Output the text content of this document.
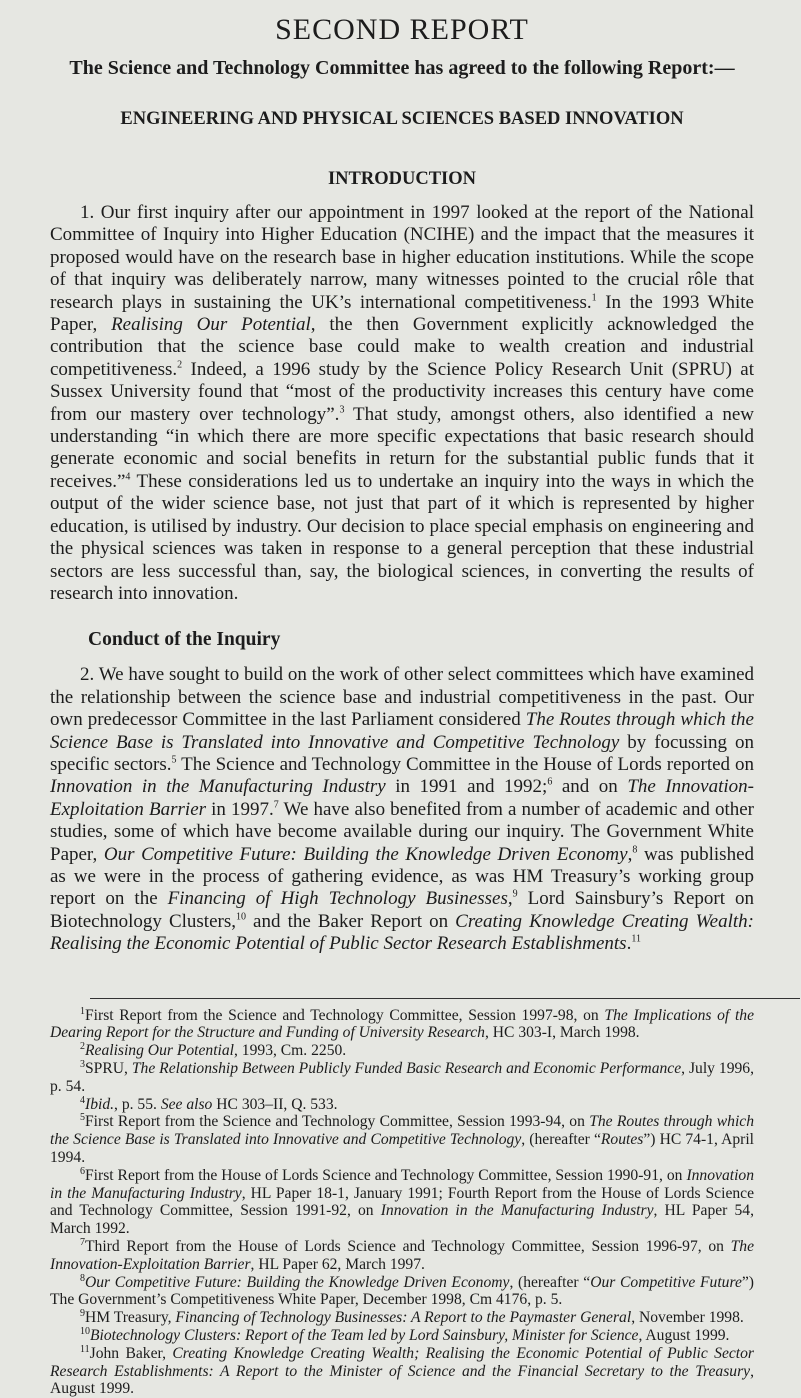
SECOND REPORT
The Science and Technology Committee has agreed to the following Report:—
ENGINEERING AND PHYSICAL SCIENCES BASED INNOVATION
INTRODUCTION

1. Our first inquiry after our appointment in 1997 looked at the report of the National Committee of Inquiry into Higher Education (NCIHE) and the impact that the measures it proposed would have on the research base in higher education institutions. While the scope of that inquiry was deliberately narrow, many witnesses pointed to the crucial rôle that research plays in sustaining the UK’s international competitiveness.$^1$ In the 1993 White Paper, Realising Our Potential, the then Government explicitly acknowledged the contribution that the science base could make to wealth creation and industrial competitiveness.$^2$ Indeed, a 1996 study by the Science Policy Research Unit (SPRU) at Sussex University found that “most of the productivity increases this century have come from our mastery over technology”.$^3$ That study, amongst others, also identified a new understanding “in which there are more specific expectations that basic research should generate economic and social benefits in return for the substantial public funds that it receives.”$^4$ These considerations led us to undertake an inquiry into the ways in which the output of the wider science base, not just that part of it which is represented by higher education, is utilised by industry. Our decision to place special emphasis on engineering and the physical sciences was taken in response to a general perception that these industrial sectors are less successful than, say, the biological sciences, in converting the results of research into innovation.

Conduct of the Inquiry

2. We have sought to build on the work of other select committees which have examined the relationship between the science base and industrial competitiveness in the past. Our own predecessor Committee in the last Parliament considered The Routes through which the Science Base is Translated into Innovative and Competitive Technology by focussing on specific sectors.$^5$ The Science and Technology Committee in the House of Lords reported on Innovation in the Manufacturing Industry in 1991 and 1992;$^6$ and on The Innovation-Exploitation Barrier in 1997.$^7$ We have also benefited from a number of academic and other studies, some of which have become available during our inquiry. The Government White Paper, Our Competitive Future: Building the Knowledge Driven Economy,$^8$ was published as we were in the process of gathering evidence, as was HM Treasury’s working group report on the Financing of High Technology Businesses,$^9$ Lord Sainsbury’s Report on Biotechnology Clusters,$^{10}$ and the Baker Report on Creating Knowledge Creating Wealth: Realising the Economic Potential of Public Sector Research Establishments.$^{11}$

$^1$First Report from the Science and Technology Committee, Session 1997-98, on The Implications of the Dearing Report for the Structure and Funding of University Research, HC 303-I, March 1998.

$^2$Realising Our Potential, 1993, Cm. 2250.

$^3$SPRU, The Relationship Between Publicly Funded Basic Research and Economic Performance, July 1996, p. 54.

$^4$Ibid., p. 55. See also HC 303–II, Q. 533.

$^5$First Report from the Science and Technology Committee, Session 1993-94, on The Routes through which the Science Base is Translated into Innovative and Competitive Technology, (hereafter “Routes”) HC 74-1, April 1994.

$^6$First Report from the House of Lords Science and Technology Committee, Session 1990-91, on Innovation in the Manufacturing Industry, HL Paper 18-1, January 1991; Fourth Report from the House of Lords Science and Technology Committee, Session 1991-92, on Innovation in the Manufacturing Industry, HL Paper 54, March 1992.

$^7$Third Report from the House of Lords Science and Technology Committee, Session 1996-97, on The Innovation-Exploitation Barrier, HL Paper 62, March 1997.

$^8$Our Competitive Future: Building the Knowledge Driven Economy, (hereafter “Our Competitive Future”) The Government’s Competitiveness White Paper, December 1998, Cm 4176, p. 5.

$^9$HM Treasury, Financing of Technology Businesses: A Report to the Paymaster General, November 1998.

$^{10}$Biotechnology Clusters: Report of the Team led by Lord Sainsbury, Minister for Science, August 1999.

$^{11}$John Baker, Creating Knowledge Creating Wealth; Realising the Economic Potential of Public Sector Research Establishments: A Report to the Minister of Science and the Financial Secretary to the Treasury, August 1999.
